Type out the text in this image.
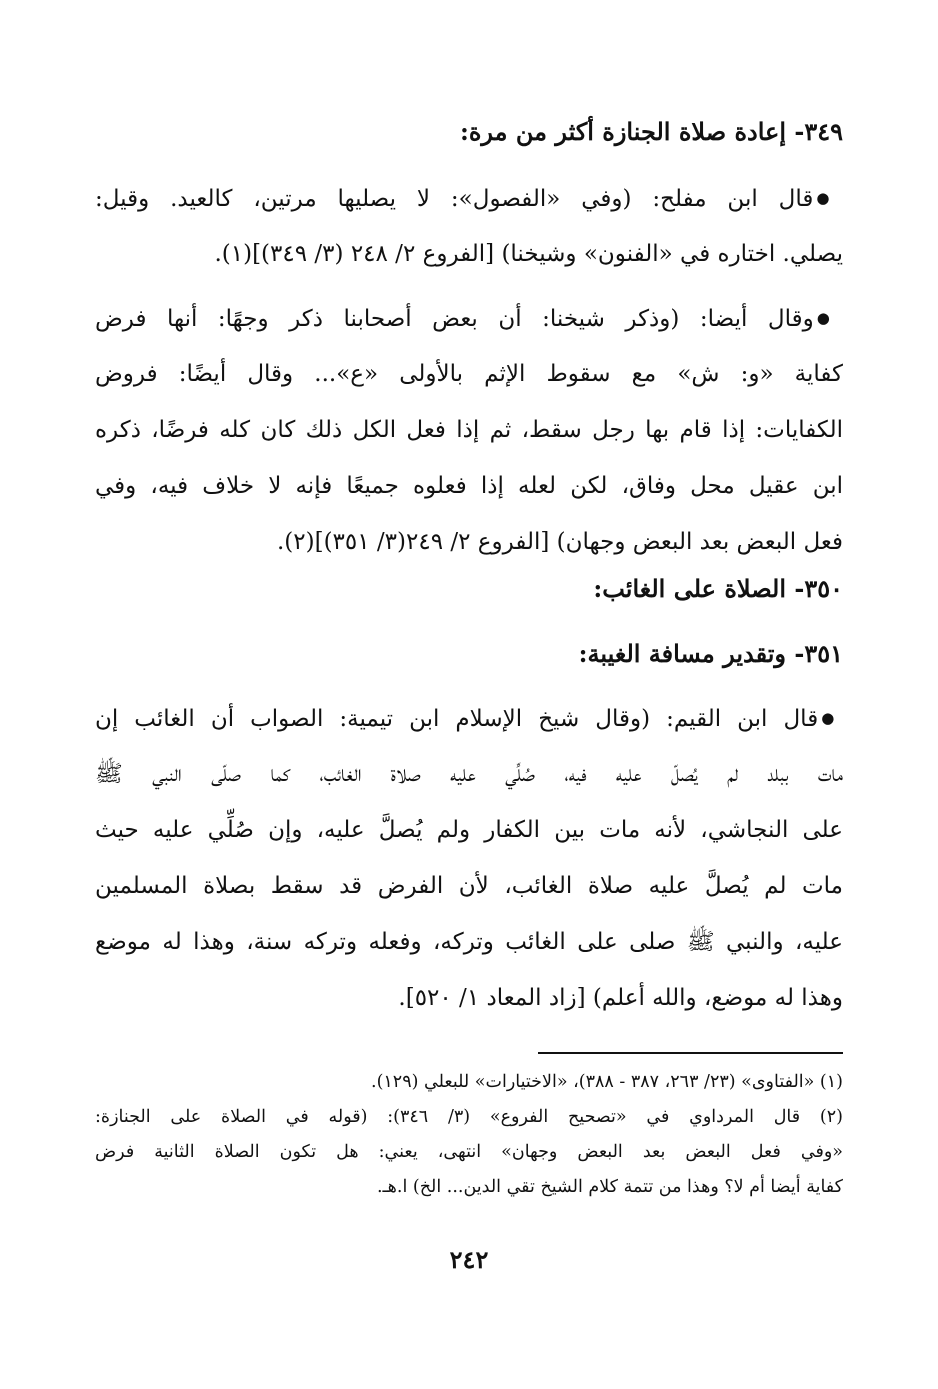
٣٤٩- إعادة صلاة الجنازة أكثر من مرة:
● قال ابن مفلح: (وفي «الفصول»: لا يصليها مرتين، كالعيد. وقيل:
يصلي. اختاره في «الفنون» وشيخنا) [الفروع ٢/ ٢٤٨ (٣/ ٣٤٩)](١).
● وقال أيضا: (وذكر شيخنا: أن بعض أصحابنا ذكر وجهًا: أنها فرض
كفاية «و: ش» مع سقوط الإثم بالأولى «ع»... وقال أيضًا: فروض
الكفايات: إذا قام بها رجل سقط، ثم إذا فعل الكل ذلك كان كله فرضًا، ذكره
ابن عقيل محل وفاق، لكن لعله إذا فعلوه جميعًا فإنه لا خلاف فيه، وفي
فعل البعض بعد البعض وجهان) [الفروع ٢/ ٢٤٩(٣/ ٣٥١)](٢).
٣٥٠- الصلاة على الغائب:
٣٥١- وتقدير مسافة الغيبة:
● قال ابن القيم: (وقال شيخ الإسلام ابن تيمية: الصواب أن الغائب إن
مات ببلد لم يُصلّ عليه فيه، صُلِّي عليه صلاة الغائب، كما صلّى النبي ﷺ
على النجاشي، لأنه مات بين الكفار ولم يُصلَّ عليه، وإن صُلِّي عليه حيث
مات لم يُصلَّ عليه صلاة الغائب، لأن الفرض قد سقط بصلاة المسلمين
عليه، والنبي ﷺ صلى على الغائب وتركه، وفعله وتركه سنة، وهذا له موضع
وهذا له موضع، والله أعلم) [زاد المعاد ١/ ٥٢٠].
(١) «الفتاوى» (٢٣/ ٢٦٣، ٣٨٧ - ٣٨٨)، «الاختيارات» للبعلي (١٢٩).
(٢) قال المرداوي في «تصحيح الفروع» (٣/ ٣٤٦): (قوله في الصلاة على الجنازة:
«وفي فعل البعض بعد البعض وجهان» انتهى، يعني: هل تكون الصلاة الثانية فرض
كفاية أيضا أم لا؟ وهذا من تتمة كلام الشيخ تقي الدين... الخ) ا.هـ.
٢٤٢
